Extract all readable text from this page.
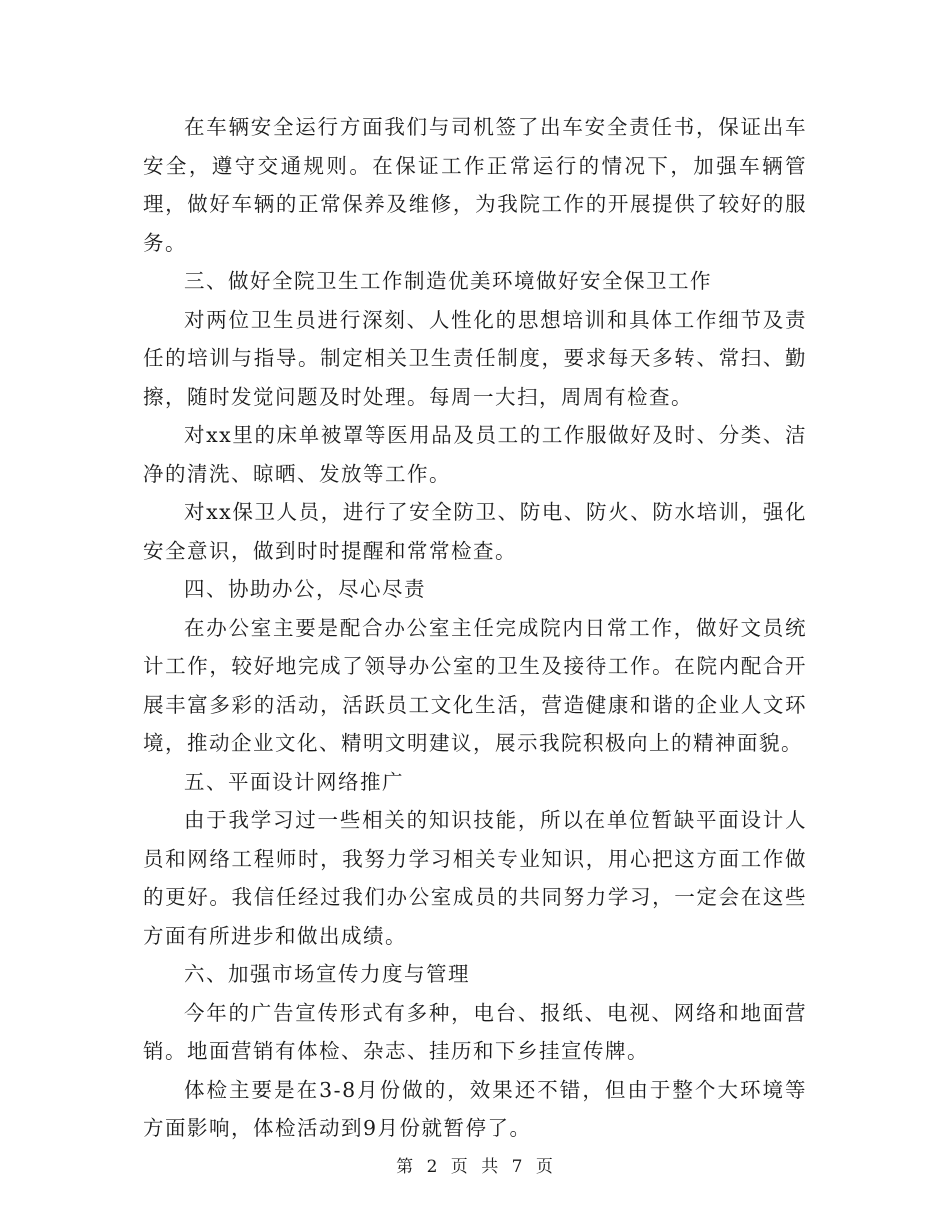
在车辆安全运行方面我们与司机签了出车安全责任书，保证出车安全，遵守交通规则。在保证工作正常运行的情况下，加强车辆管理，做好车辆的正常保养及维修，为我院工作的开展提供了较好的服务。

三、做好全院卫生工作制造优美环境做好安全保卫工作

对两位卫生员进行深刻、人性化的思想培训和具体工作细节及责任的培训与指导。制定相关卫生责任制度，要求每天多转、常扫、勤擦，随时发觉问题及时处理。每周一大扫，周周有检查。

对xx里的床单被罩等医用品及员工的工作服做好及时、分类、洁净的清洗、晾晒、发放等工作。

对xx保卫人员，进行了安全防卫、防电、防火、防水培训，强化安全意识，做到时时提醒和常常检查。

四、协助办公，尽心尽责

在办公室主要是配合办公室主任完成院内日常工作，做好文员统计工作，较好地完成了领导办公室的卫生及接待工作。在院内配合开展丰富多彩的活动，活跃员工文化生活，营造健康和谐的企业人文环境，推动企业文化、精明文明建议，展示我院积极向上的精神面貌。

五、平面设计网络推广

由于我学习过一些相关的知识技能，所以在单位暂缺平面设计人员和网络工程师时，我努力学习相关专业知识，用心把这方面工作做的更好。我信任经过我们办公室成员的共同努力学习，一定会在这些方面有所进步和做出成绩。

六、加强市场宣传力度与管理

今年的广告宣传形式有多种，电台、报纸、电视、网络和地面营销。地面营销有体检、杂志、挂历和下乡挂宣传牌。

体检主要是在3-8月份做的，效果还不错，但由于整个大环境等方面影响，体检活动到9月份就暂停了。

第 2 页 共 7 页
